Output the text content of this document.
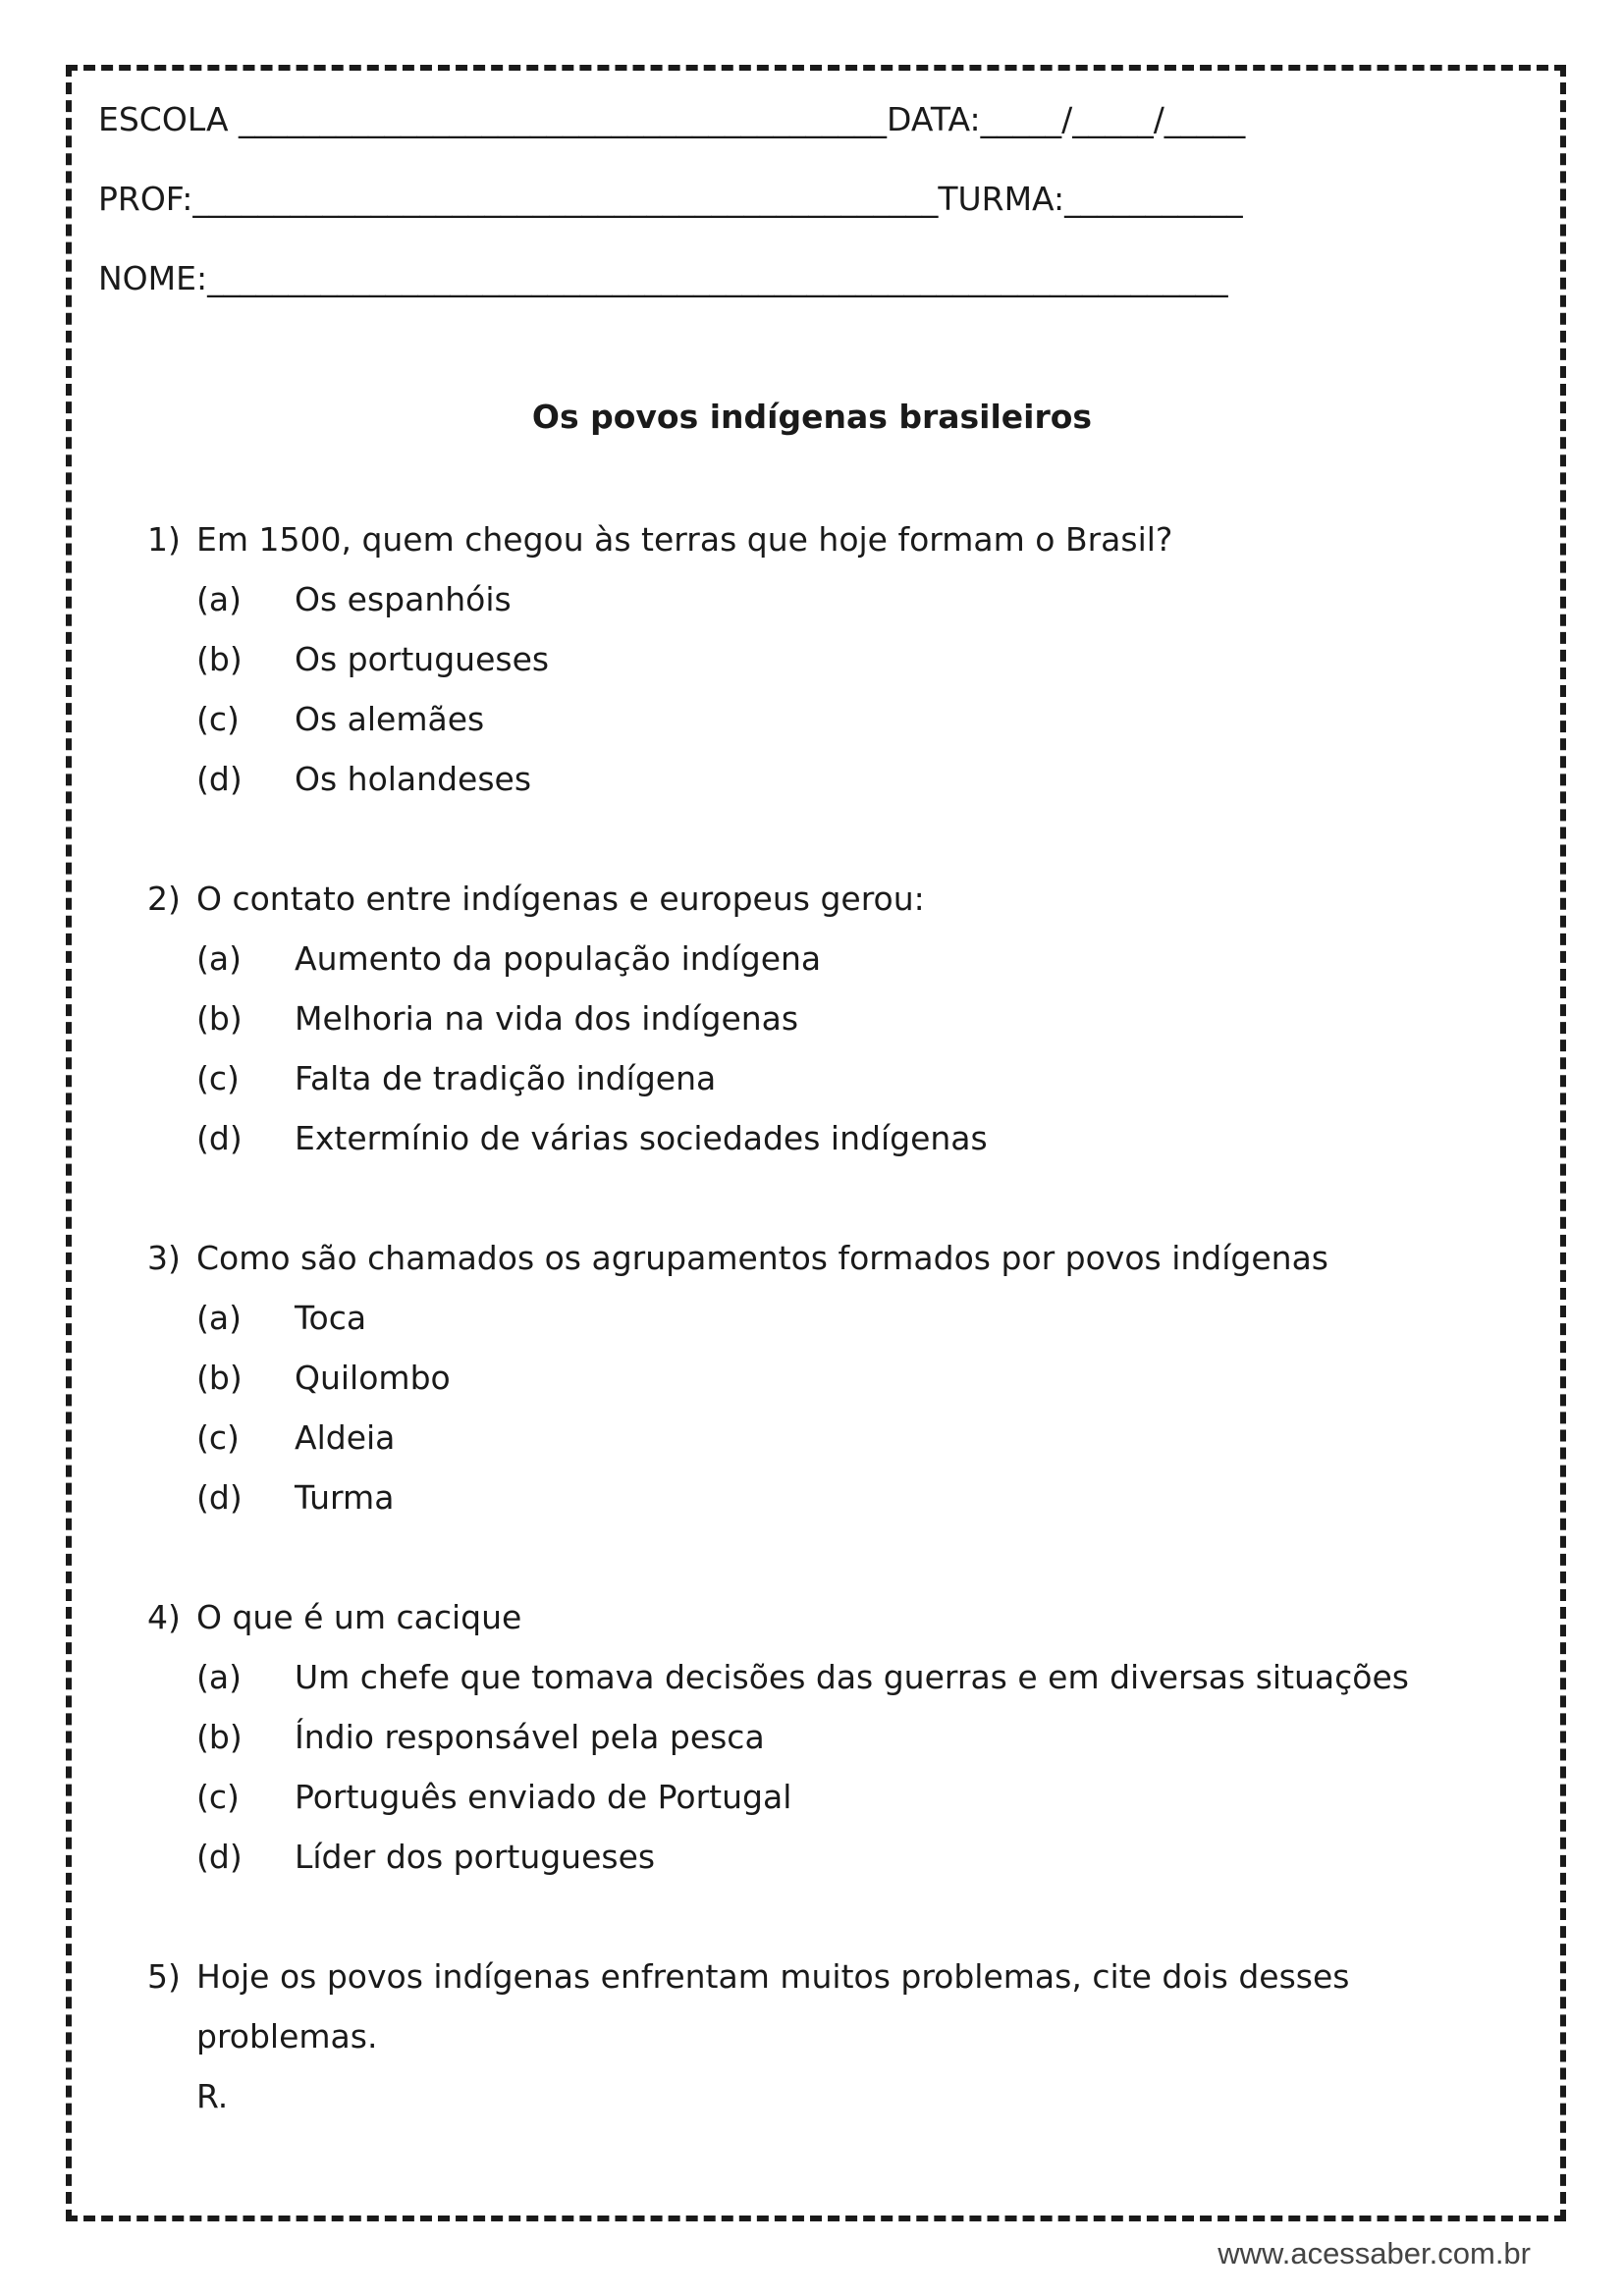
ESCOLA ________________________________________DATA:_____/_____/_____
PROF:______________________________________________TURMA:___________
NOME:_______________________________________________________________
Os povos indígenas brasileiros
1) Em 1500, quem chegou às terras que hoje formam o Brasil?
(a) Os espanhóis
(b) Os portugueses
(c) Os alemães
(d) Os holandeses
2) O contato entre indígenas e europeus gerou:
(a) Aumento da população indígena
(b) Melhoria na vida dos indígenas
(c) Falta de tradição indígena
(d) Extermínio de várias sociedades indígenas
3) Como são chamados os agrupamentos formados por povos indígenas
(a) Toca
(b) Quilombo
(c) Aldeia
(d) Turma
4) O que é um cacique
(a) Um chefe que tomava decisões das guerras e em diversas situações
(b) Índio responsável pela pesca
(c) Português enviado de Portugal
(d) Líder dos portugueses
5) Hoje os povos indígenas enfrentam muitos problemas, cite dois desses
problemas.
R.
www.acessaber.com.br
